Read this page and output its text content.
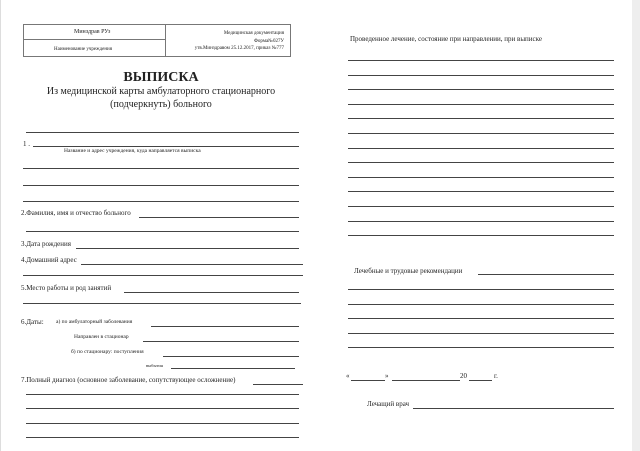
Минздрав РУз
Наименование учреждения
Медицинская документация
Форма№027У
утв.Минздравом 25.12.2017, приказ №777
ВЫПИСКА
Из медицинской карты амбулаторного стационарного
(подчеркнуть) больного
1 .
Название и адрес учреждения, куда направляется выписка
2.Фамилия, имя и отчество больного
3.Дата рождения
4.Домашний адрес
5.Место работы и род занятий
6.Даты: а) по амбулаторный заболевания
Направлен в стационар
б) по стационару: поступления
выбытия
7.Полный диагноз (основное заболевание, сопутствующее осложнение)
Проведенное лечение, состояние при направлении, при выписке
Лечебные и трудовые рекомендации
«	»	20	г.
Лечащий врач
